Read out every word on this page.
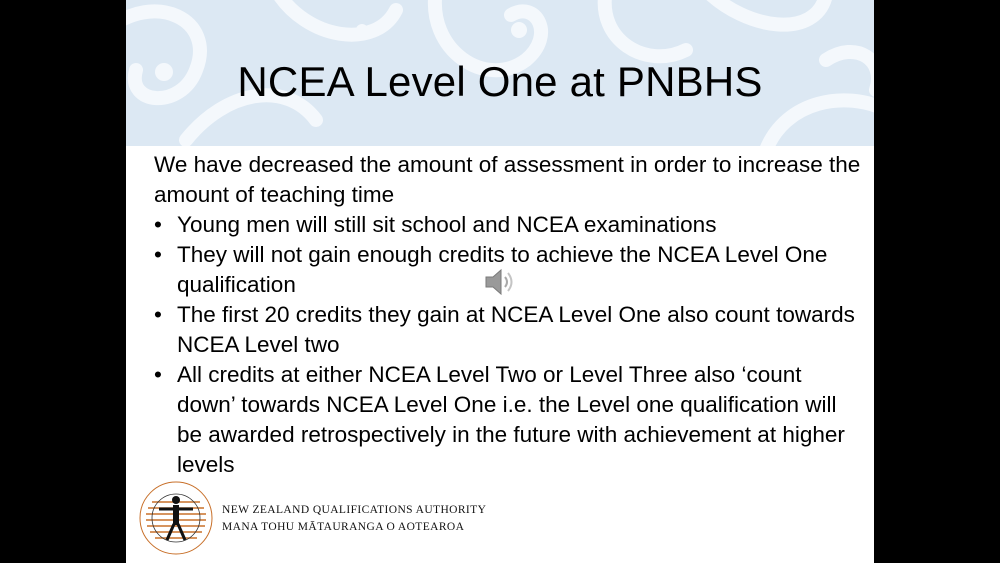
NCEA Level One at PNBHS

We have decreased the amount of assessment in order to increase the amount of teaching time

• Young men will still sit school and NCEA examinations
• They will not gain enough credits to achieve the NCEA Level One qualification
• The first 20 credits they gain at NCEA Level One also count towards NCEA Level two
• All credits at either NCEA Level Two or Level Three also ‘count down’ towards NCEA Level One i.e. the Level one qualification will be awarded retrospectively in the future with achievement at higher levels
NEW ZEALAND QUALIFICATIONS AUTHORITY
MANA TOHU MĀTAURANGA O AOTEAROA
